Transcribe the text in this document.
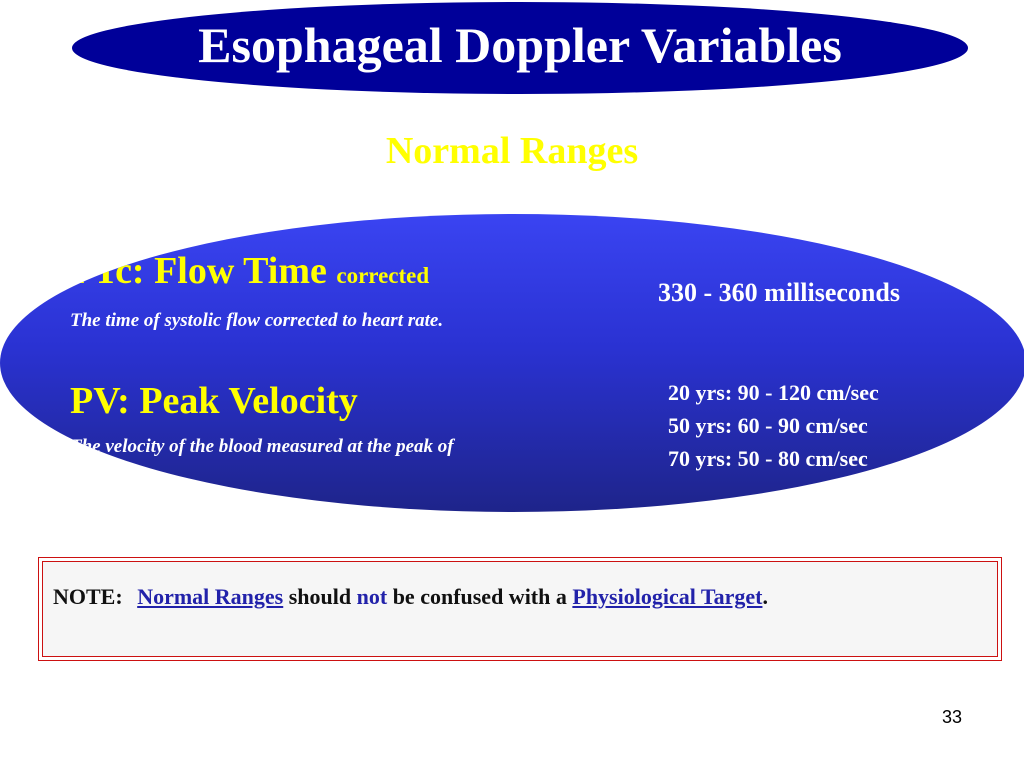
Esophageal Doppler Variables
Normal Ranges
FTc: Flow Time corrected
The time of systolic flow corrected to heart rate.
330 - 360 milliseconds
PV: Peak Velocity
The velocity of the blood measured at the peak of
20 yrs: 90 - 120 cm/sec
50 yrs: 60 - 90 cm/sec
70 yrs: 50 - 80 cm/sec
NOTE: Normal Ranges should not be confused with a Physiological Target.
33
